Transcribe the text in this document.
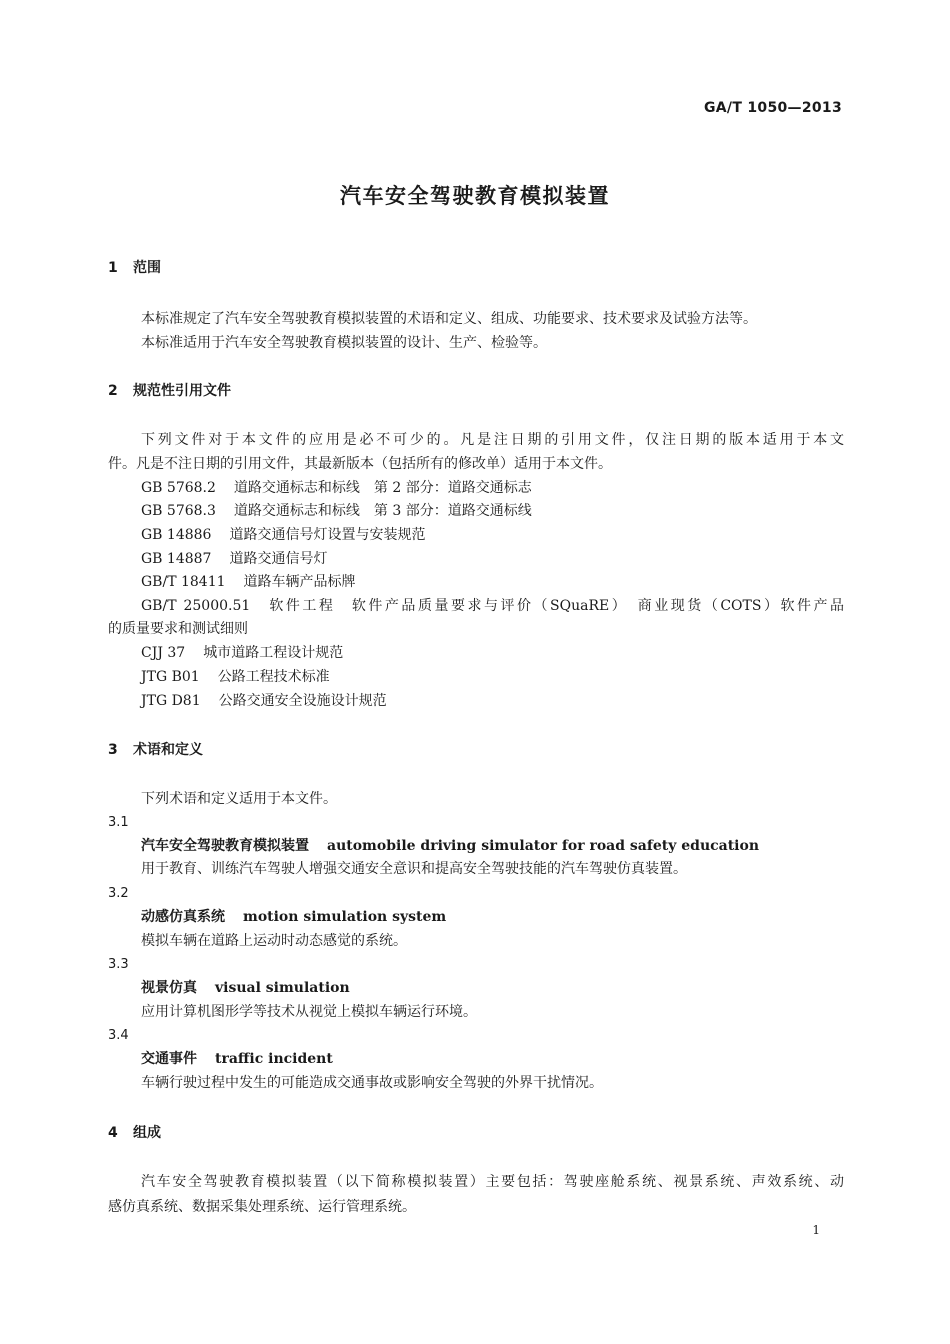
GA/T 1050—2013
汽车安全驾驶教育模拟装置
1 范围
本标准规定了汽车安全驾驶教育模拟装置的术语和定义、组成、功能要求、技术要求及试验方法等。
本标准适用于汽车安全驾驶教育模拟装置的设计、生产、检验等。
2 规范性引用文件
下列文件对于本文件的应用是必不可少的。凡是注日期的引用文件，仅注日期的版本适用于本文
件。凡是不注日期的引用文件，其最新版本（包括所有的修改单）适用于本文件。
GB 5768.2 道路交通标志和标线　第 2 部分：道路交通标志
GB 5768.3 道路交通标志和标线　第 3 部分：道路交通标线
GB 14886 道路交通信号灯设置与安装规范
GB 14887 道路交通信号灯
GB/T 18411 道路车辆产品标牌
GB/T 25000.51　 软件工程　软件产品质量要求与评价（SQuaRE）　商业现货（COTS）软件产品
的质量要求和测试细则
CJJ 37 城市道路工程设计规范
JTG B01 公路工程技术标准
JTG D81 公路交通安全设施设计规范
3 术语和定义
下列术语和定义适用于本文件。
3.1
汽车安全驾驶教育模拟装置 automobile driving simulator for road safety education
用于教育、训练汽车驾驶人增强交通安全意识和提高安全驾驶技能的汽车驾驶仿真装置。
3.2
动感仿真系统 motion simulation system
模拟车辆在道路上运动时动态感觉的系统。
3.3
视景仿真 visual simulation
应用计算机图形学等技术从视觉上模拟车辆运行环境。
3.4
交通事件 traffic incident
车辆行驶过程中发生的可能造成交通事故或影响安全驾驶的外界干扰情况。
4 组成
汽车安全驾驶教育模拟装置（以下简称模拟装置）主要包括：驾驶座舱系统、视景系统、声效系统、动
感仿真系统、数据采集处理系统、运行管理系统。
1
